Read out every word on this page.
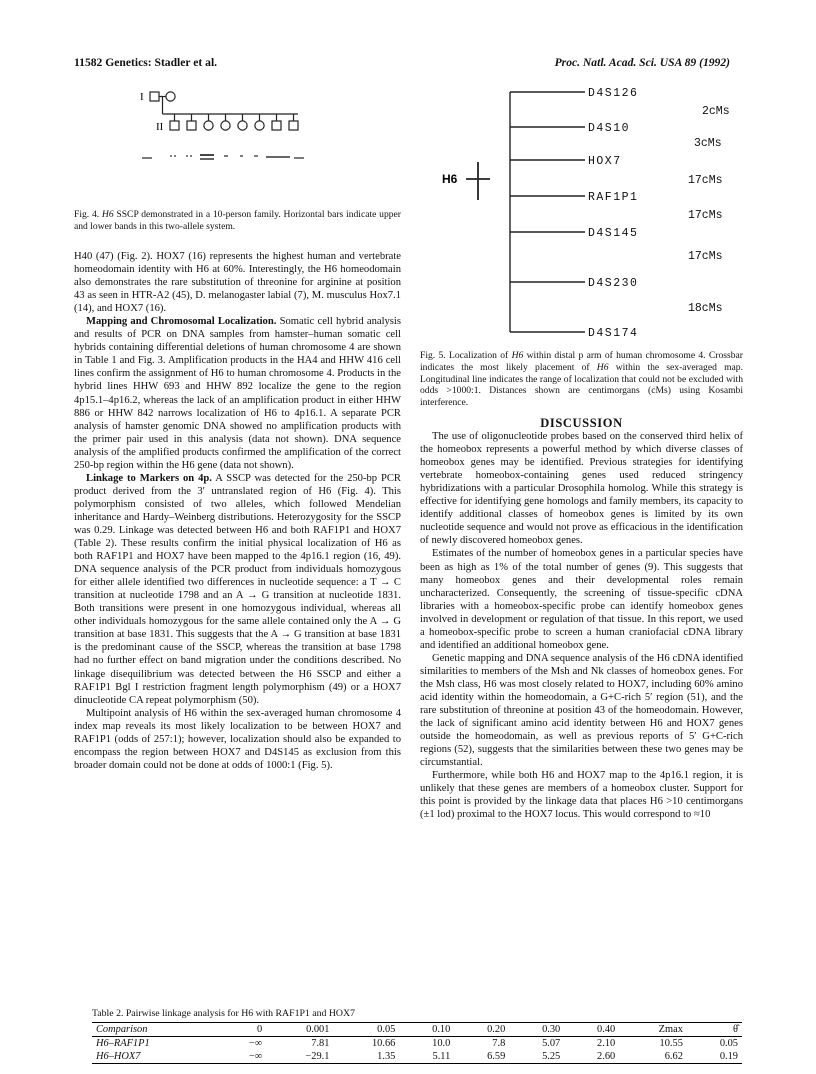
11582 Genetics: Stadler et al.	Proc. Natl. Acad. Sci. USA 89 (1992)
I
II
Fig. 4. H6 SSCP demonstrated in a 10-person family. Horizontal bars indicate upper and lower bands in this two-allele system.

H40 (47) (Fig. 2). HOX7 (16) represents the highest human and vertebrate homeodomain identity with H6 at 60%. Interestingly, the H6 homeodomain also demonstrates the rare substitution of threonine for arginine at position 43 as seen in HTR-A2 (45), D. melanogaster labial (7), M. musculus Hox7.1 (14), and HOX7 (16).

Mapping and Chromosomal Localization. Somatic cell hybrid analysis and results of PCR on DNA samples from hamster–human somatic cell hybrids containing differential deletions of human chromosome 4 are shown in Table 1 and Fig. 3. Amplification products in the HA4 and HHW 416 cell lines confirm the assignment of H6 to human chromosome 4. Products in the hybrid lines HHW 693 and HHW 892 localize the gene to the region 4p15.1–4p16.2, whereas the lack of an amplification product in either HHW 886 or HHW 842 narrows localization of H6 to 4p16.1. A separate PCR analysis of hamster genomic DNA showed no amplification products with the primer pair used in this analysis (data not shown). DNA sequence analysis of the amplified products confirmed the amplification of the correct 250-bp region within the H6 gene (data not shown).

Linkage to Markers on 4p. A SSCP was detected for the 250-bp PCR product derived from the 3′ untranslated region of H6 (Fig. 4). This polymorphism consisted of two alleles, which followed Mendelian inheritance and Hardy–Weinberg distributions. Heterozygosity for the SSCP was 0.29. Linkage was detected between H6 and both RAF1P1 and HOX7 (Table 2). These results confirm the initial physical localization of H6 as both RAF1P1 and HOX7 have been mapped to the 4p16.1 region (16, 49). DNA sequence analysis of the PCR product from individuals homozygous for either allele identified two differences in nucleotide sequence: a T → C transition at nucleotide 1798 and an A → G transition at nucleotide 1831. Both transitions were present in one homozygous individual, whereas all other individuals homozygous for the same allele contained only the A → G transition at base 1831. This suggests that the A → G transition at base 1831 is the predominant cause of the SSCP, whereas the transition at base 1798 had no further effect on band migration under the conditions described. No linkage disequilibrium was detected between the H6 SSCP and either a RAF1P1 Bgl I restriction fragment length polymorphism (49) or a HOX7 dinucleotide CA repeat polymorphism (50).

Multipoint analysis of H6 within the sex-averaged human chromosome 4 index map reveals its most likely localization to be between HOX7 and RAF1P1 (odds of 257:1); however, localization should also be expanded to encompass the region between HOX7 and D4S145 as exclusion from this broader domain could not be done at odds of 1000:1 (Fig. 5).

H6
D4S126
D4S10
HOX7
RAF1P1
D4S145
D4S230
D4S174
2cMs
3cMs
17cMs
17cMs
17cMs
18cMs
Fig. 5. Localization of H6 within distal p arm of human chromosome 4. Crossbar indicates the most likely placement of H6 within the sex-averaged map. Longitudinal line indicates the range of localization that could not be excluded with odds >1000:1. Distances shown are centimorgans (cMs) using Kosambi interference.

DISCUSSION

The use of oligonucleotide probes based on the conserved third helix of the homeobox represents a powerful method by which diverse classes of homeobox genes may be identified. Previous strategies for identifying vertebrate homeobox-containing genes used reduced stringency hybridizations with a particular Drosophila homolog. While this strategy is effective for identifying gene homologs and family members, its capacity to identify additional classes of homeobox genes is limited by its own nucleotide sequence and would not prove as efficacious in the identification of newly discovered homeobox genes.

Estimates of the number of homeobox genes in a particular species have been as high as 1% of the total number of genes (9). This suggests that many homeobox genes and their developmental roles remain uncharacterized. Consequently, the screening of tissue-specific cDNA libraries with a homeobox-specific probe can identify homeobox genes involved in development or regulation of that tissue. In this report, we used a homeobox-specific probe to screen a human craniofacial cDNA library and identified an additional homeobox gene.

Genetic mapping and DNA sequence analysis of the H6 cDNA identified similarities to members of the Msh and Nk classes of homeobox genes. For the Msh class, H6 was most closely related to HOX7, including 60% amino acid identity within the homeodomain, a G+C-rich 5′ region (51), and the rare substitution of threonine at position 43 of the homeodomain. However, the lack of significant amino acid identity between H6 and HOX7 genes outside the homeodomain, as well as previous reports of 5′ G+C-rich regions (52), suggests that the similarities between these two genes may be circumstantial.

Furthermore, while both H6 and HOX7 map to the 4p16.1 region, it is unlikely that these genes are members of a homeobox cluster. Support for this point is provided by the linkage data that places H6 >10 centimorgans (±1 lod) proximal to the HOX7 locus. This would correspond to ≈10

Table 2. Pairwise linkage analysis for H6 with RAF1P1 and HOX7
Comparison	0	0.001	0.05	0.10	0.20	0.30	0.40	Zmax	θ̂
H6–RAF1P1	−∞	7.81	10.66	10.0	7.8	5.07	2.10	10.55	0.05
H6–HOX7	−∞	−29.1	1.35	5.11	6.59	5.25	2.60	6.62	0.19
